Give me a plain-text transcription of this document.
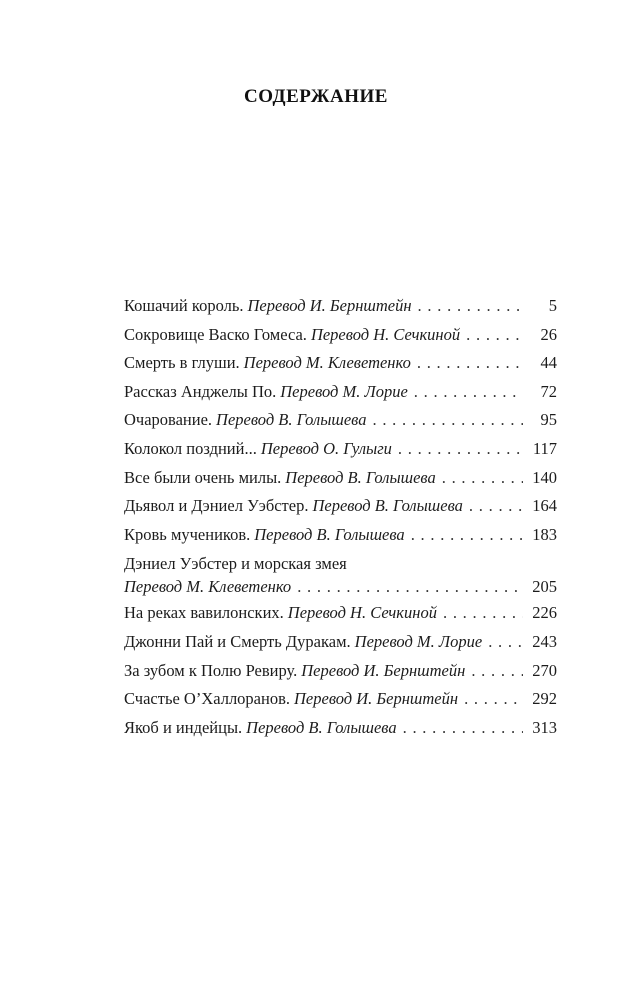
СОДЕРЖАНИЕ
Кошачий король. Перевод И. Бернштейн . . .	5
Сокровище Васко Гомеса. Перевод Н. Сечкиной . . .	26
Смерть в глуши. Перевод М. Клеветенко . . .	44
Рассказ Анджелы По. Перевод М. Лорие . . .	72
Очарование. Перевод В. Голышева . . .	95
Колокол поздний... Перевод О. Гулыги . . .	117
Все были очень милы. Перевод В. Голышева . . .	140
Дьявол и Дэниел Уэбстер. Перевод В. Голышева . . .	164
Кровь мучеников. Перевод В. Голышева . . .	183
Дэниел Уэбстер и морская змея
Перевод М. Клеветенко . . .	205
На реках вавилонских. Перевод Н. Сечкиной . . .	226
Джонни Пай и Смерть Дуракам. Перевод М. Лорие . . .	243
За зубом к Полю Ревиру. Перевод И. Бернштейн . . .	270
Счастье О’Халлоранов. Перевод И. Бернштейн . . .	292
Якоб и индейцы. Перевод В. Голышева . . .	313
